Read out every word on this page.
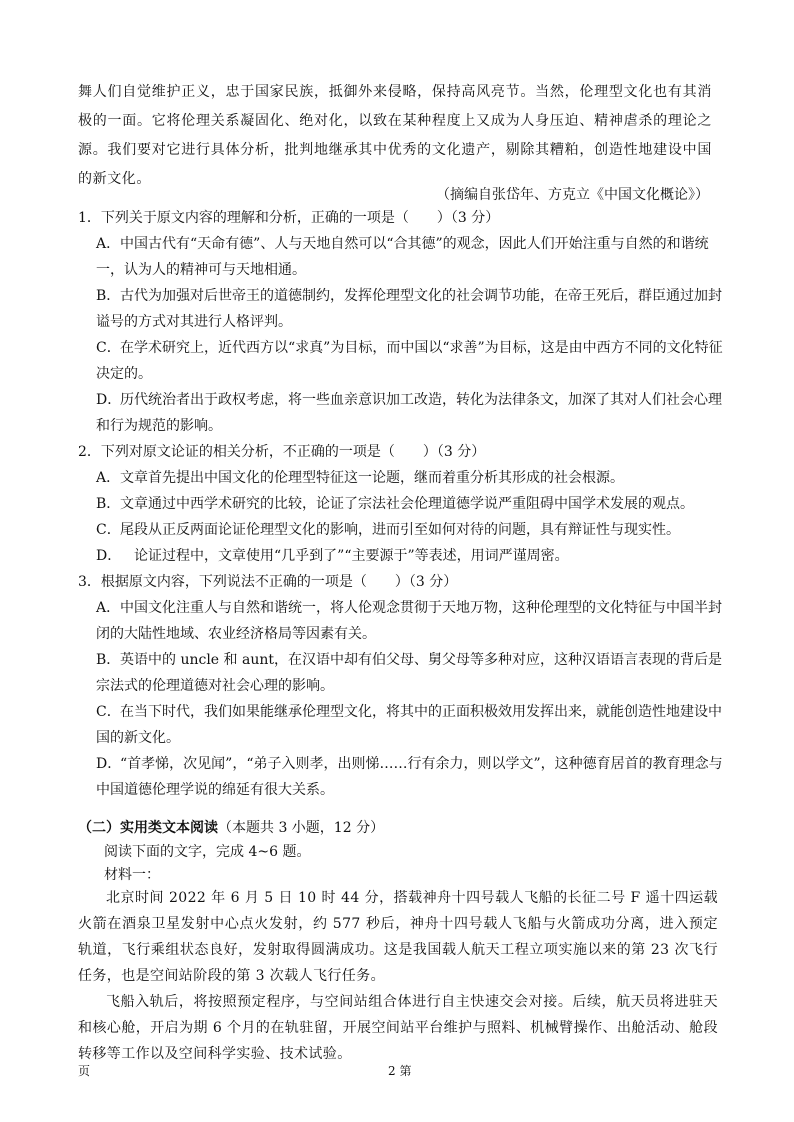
舞人们自觉维护正义，忠于国家民族，抵御外来侵略，保持高风亮节。当然，伦理型文化也有其消极的一面。它将伦理关系凝固化、绝对化，以致在某种程度上又成为人身压迫、精神虐杀的理论之源。我们要对它进行具体分析，批判地继承其中优秀的文化遗产，剔除其糟粕，创造性地建设中国的新文化。
（摘编自张岱年、方克立《中国文化概论》）
1．下列关于原文内容的理解和分析，正确的一项是（　　）（3 分）
A．中国古代有“天命有德”、人与天地自然可以“合其德”的观念，因此人们开始注重与自然的和谐统一，认为人的精神可与天地相通。
B．古代为加强对后世帝王的道德制约，发挥伦理型文化的社会调节功能，在帝王死后，群臣通过加封谥号的方式对其进行人格评判。
C．在学术研究上，近代西方以“求真”为目标，而中国以“求善”为目标，这是由中西方不同的文化特征决定的。
D．历代统治者出于政权考虑，将一些血亲意识加工改造，转化为法律条文，加深了其对人们社会心理和行为规范的影响。
2．下列对原文论证的相关分析，不正确的一项是（　　）（3 分）
A．文章首先提出中国文化的伦理型特征这一论题，继而着重分析其形成的社会根源。
B．文章通过中西学术研究的比较，论证了宗法社会伦理道德学说严重阻碍中国学术发展的观点。
C．尾段从正反两面论证伦理型文化的影响，进而引至如何对待的问题，具有辩证性与现实性。
D．　论证过程中，文章使用“几乎到了”“主要源于”等表述，用词严谨周密。
3．根据原文内容，下列说法不正确的一项是（　　）（3 分）
A．中国文化注重人与自然和谐统一，将人伦观念贯彻于天地万物，这种伦理型的文化特征与中国半封闭的大陆性地域、农业经济格局等因素有关。
B．英语中的 uncle 和 aunt，在汉语中却有伯父母、舅父母等多种对应，这种汉语语言表现的背后是宗法式的伦理道德对社会心理的影响。
C．在当下时代，我们如果能继承伦理型文化，将其中的正面积极效用发挥出来，就能创造性地建设中国的新文化。
D．“首孝悌，次见闻”，“弟子入则孝，出则悌……行有余力，则以学文”，这种德育居首的教育理念与中国道德伦理学说的绵延有很大关系。
（二）实用类文本阅读（本题共 3 小题，12 分）
阅读下面的文字，完成 4~6 题。
材料一：
北京时间 2022 年 6 月 5 日 10 时 44 分，搭载神舟十四号载人飞船的长征二号 F 遥十四运载火箭在酒泉卫星发射中心点火发射，约 577 秒后，神舟十四号载人飞船与火箭成功分离，进入预定轨道，飞行乘组状态良好，发射取得圆满成功。这是我国载人航天工程立项实施以来的第 23 次飞行任务，也是空间站阶段的第 3 次载人飞行任务。
飞船入轨后，将按照预定程序，与空间站组合体进行自主快速交会对接。后续，航天员将进驻天和核心舱，开启为期 6 个月的在轨驻留，开展空间站平台维护与照料、机械臂操作、出舱活动、舱段转移等工作以及空间科学实验、技术试验。
页	2 第
